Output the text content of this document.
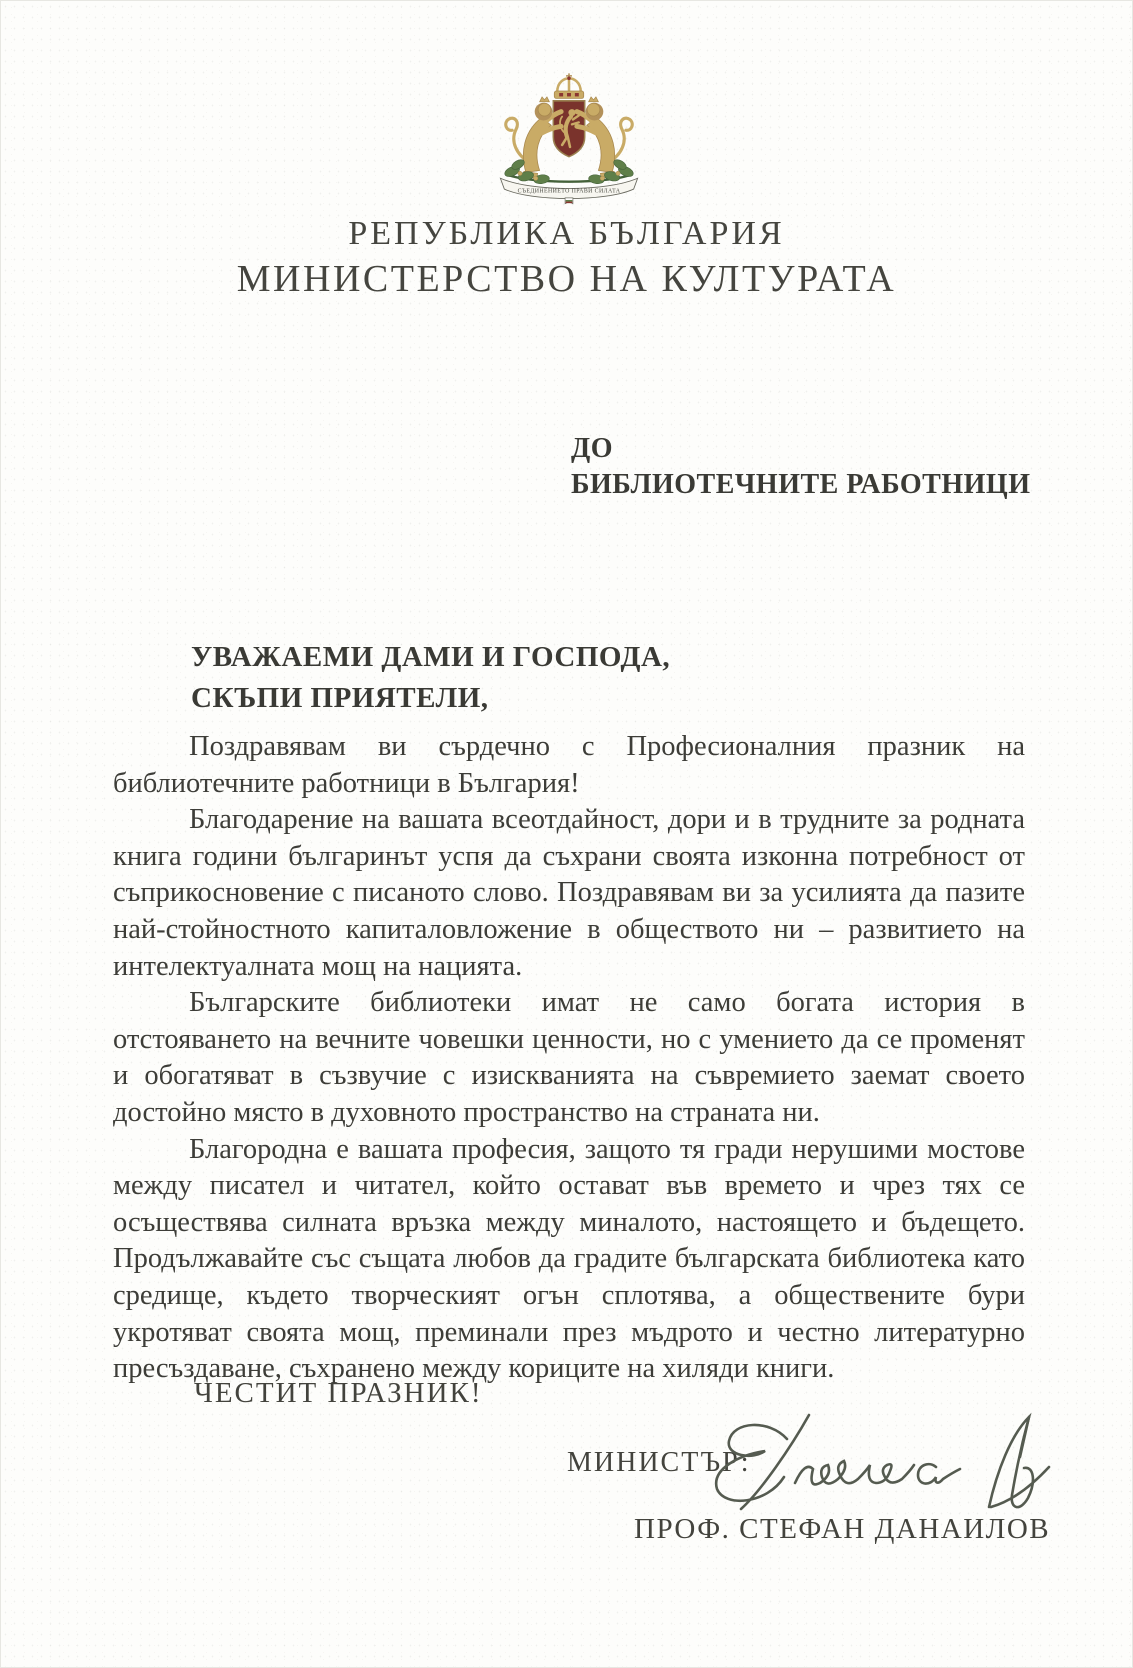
СЪЕДИНЕНИЕТО ПРАВИ СИЛАТА
РЕПУБЛИКА БЪЛГАРИЯ
МИНИСТЕРСТВО НА КУЛТУРАТА
ДО
БИБЛИОТЕЧНИТЕ РАБОТНИЦИ
УВАЖАЕМИ ДАМИ И ГОСПОДА,
СКЪПИ ПРИЯТЕЛИ,

Поздравявам ви сърдечно с Професионалния празник на библиотечните работници в България!

Благодарение на вашата всеотдайност, дори и в трудните за родната книга години българинът успя да съхрани своята изконна потребност от съприкосновение с писаното слово. Поздравявам ви за усилията да пазите най-стойностното капиталовложение в обществото ни – развитието на интелектуалната мощ на нацията.

Българските библиотеки имат не само богата история в отстояването на вечните човешки ценности, но с умението да се променят и обогатяват в съзвучие с изискванията на съвремието заемат своето достойно място в духовното пространство на страната ни.

Благородна е вашата професия, защото тя гради нерушими мостове между писател и читател, който остават във времето и чрез тях се осъществява силната връзка между миналото, настоящето и бъдещето. Продължавайте със същата любов да градите българската библиотека като средище, където творческият огън сплотява, а обществените бури укротяват своята мощ, преминали през мъдрото и честно литературно пресъздаване, съхранено между кориците на хиляди книги.

ЧЕСТИТ ПРАЗНИК!
МИНИСТЪР:
ПРОФ. СТЕФАН ДАНАИЛОВ
